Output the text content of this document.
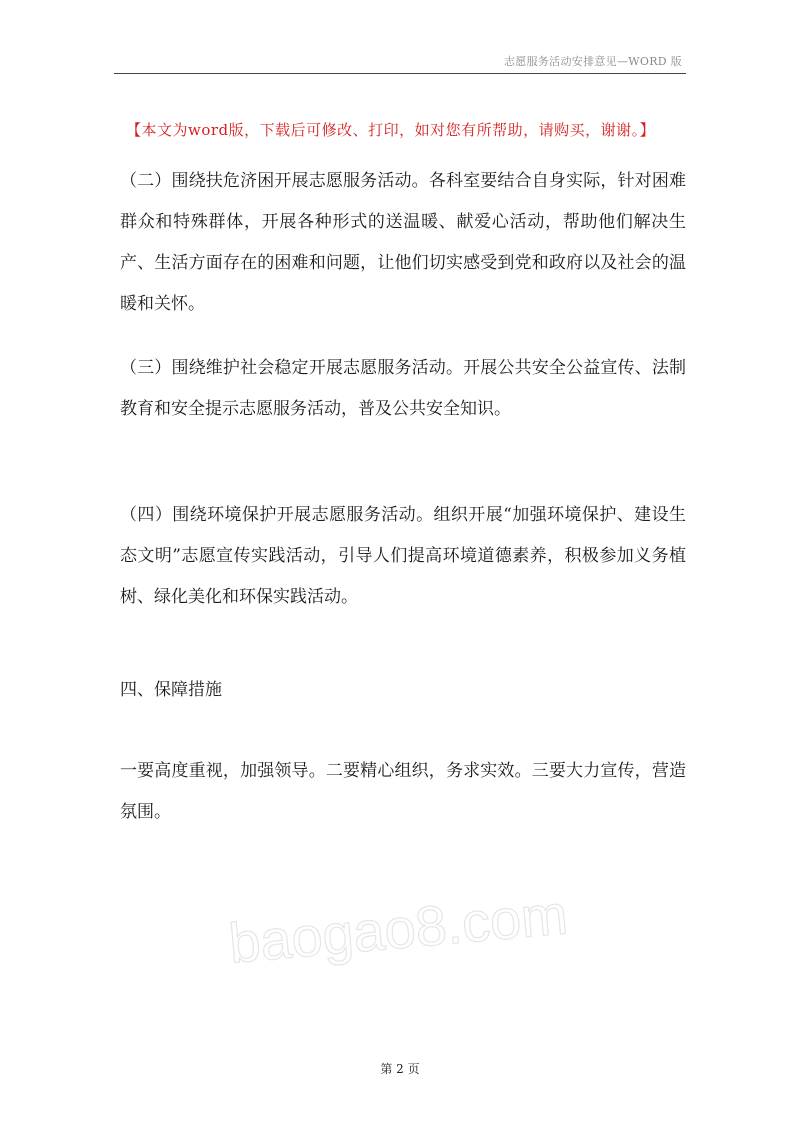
志愿服务活动安排意见—WORD 版
【本文为word版，下载后可修改、打印，如对您有所帮助，请购买，谢谢。】

（二）围绕扶危济困开展志愿服务活动。各科室要结合自身实际，针对困难群众和特殊群体，开展各种形式的送温暖、献爱心活动，帮助他们解决生产、生活方面存在的困难和问题，让他们切实感受到党和政府以及社会的温暖和关怀。

（三）围绕维护社会稳定开展志愿服务活动。开展公共安全公益宣传、法制教育和安全提示志愿服务活动，普及公共安全知识。

（四）围绕环境保护开展志愿服务活动。组织开展“加强环境保护、建设生态文明”志愿宣传实践活动，引导人们提高环境道德素养，积极参加义务植树、绿化美化和环保实践活动。

四、保障措施

一要高度重视，加强领导。二要精心组织，务求实效。三要大力宣传，营造氛围。

baogao8.com
第 2 页
